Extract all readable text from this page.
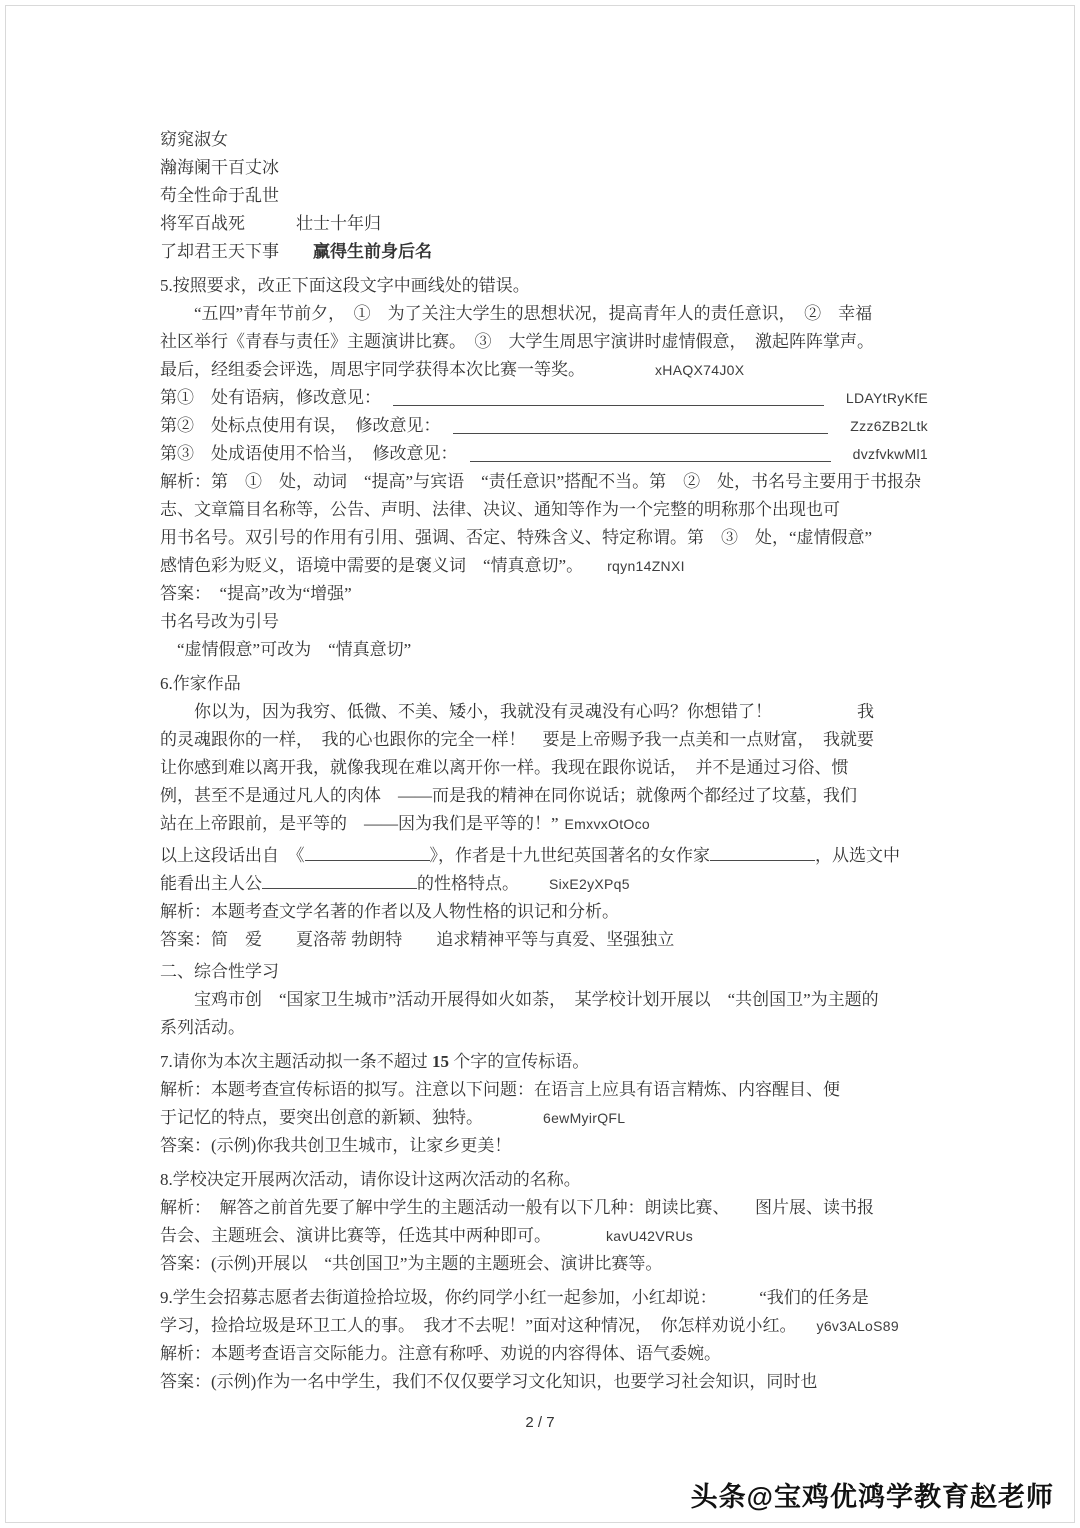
窈窕淑女
瀚海阑干百丈冰
苟全性命于乱世
将军百战死　　　壮士十年归
了却君王天下事　　赢得生前身后名
5.按照要求，改正下面这段文字中画线处的错误。
　　“五四”青年节前夕，　①　为了关注大学生的思想状况，提高青年人的责任意识，　②　幸福
社区举行《青春与责任》主题演讲比赛。　③　大学生周思宇演讲时虚情假意，　激起阵阵掌声。
最后，经组委会评选，周思宇同学获得本次比赛一等奖。	xHAQX74J0X
第①　处有语病，修改意见：	LDAYtRyKfE
第②　处标点使用有误，　修改意见：	Zzz6ZB2Ltk
第③　处成语使用不恰当，　修改意见：	dvzfvkwMl1
解析：第　①　处，动词　“提高”与宾语　“责任意识”搭配不当。第　②　处，书名号主要用于书报杂
志、文章篇目名称等，公告、声明、法律、决议、通知等作为一个完整的明称那个出现也可
用书名号。双引号的作用有引用、强调、否定、特殊含义、特定称谓。第　③　处，“虚情假意”
感情色彩为贬义，语境中需要的是褒义词　“情真意切”。 rqyn14ZNXI
答案：　“提高”改为“增强”
书名号改为引号
　“虚情假意”可改为　“情真意切”
6.作家作品
　　你以为，因为我穷、低微、不美、矮小，我就没有灵魂没有心吗？你想错了！　　　　　我
的灵魂跟你的一样，　我的心也跟你的完全一样！　要是上帝赐予我一点美和一点财富，　我就要
让你感到难以离开我，就像我现在难以离开你一样。我现在跟你说话，　并不是通过习俗、惯
例，甚至不是通过凡人的肉体　——而是我的精神在同你说话；就像两个都经过了坟墓，我们
站在上帝跟前，是平等的　——因为我们是平等的！” EmxvxOtOco
以上这段话出自　《	》，作者是十九世纪英国著名的女作家	，从选文中
能看出主人公	的性格特点。 SixE2yXPq5
解析：本题考查文学名著的作者以及人物性格的识记和分析。
答案：简　爱　　夏洛蒂 勃朗特　　追求精神平等与真爱、坚强独立
二、综合性学习
　　宝鸡市创　“国家卫生城市”活动开展得如火如荼，　某学校计划开展以　“共创国卫”为主题的
系列活动。
7.请你为本次主题活动拟一条不超过 15 个字的宣传标语。
解析：本题考查宣传标语的拟写。注意以下问题：在语言上应具有语言精炼、内容醒目、便
于记忆的特点，要突出创意的新颖、独特。	6ewMyirQFL
答案：(示例)你我共创卫生城市，让家乡更美！
8.学校决定开展两次活动，请你设计这两次活动的名称。
解析：　解答之前首先要了解中学生的主题活动一般有以下几种：朗读比赛、　　图片展、读书报
告会、主题班会、演讲比赛等，任选其中两种即可。	kavU42VRUs
答案：(示例)开展以　“共创国卫”为主题的主题班会、演讲比赛等。
9.学生会招募志愿者去街道捡拾垃圾，你约同学小红一起参加，小红却说：　　　“我们的任务是
学习，捡拾垃圾是环卫工人的事。　我才不去呢！”面对这种情况，　你怎样劝说小红。 y6v3ALoS89
解析：本题考查语言交际能力。注意有称呼、劝说的内容得体、语气委婉。
答案：(示例)作为一名中学生，我们不仅仅要学习文化知识，也要学习社会知识，同时也
2 / 7
头条@宝鸡优鸿学教育赵老师
